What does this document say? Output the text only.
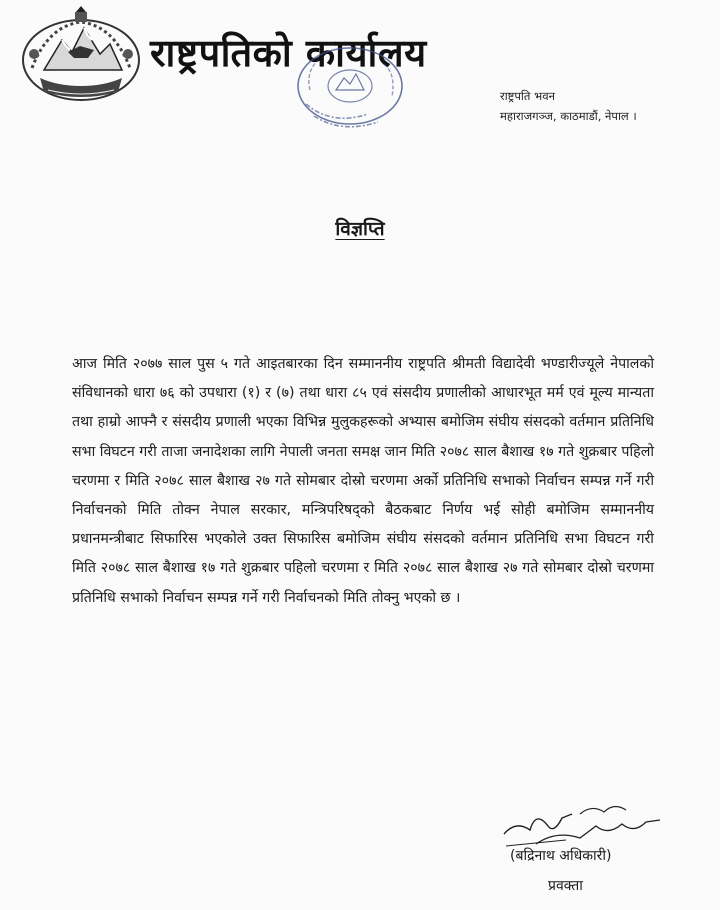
राष्ट्रपतिको कार्यालय
राष्ट्रपति भवन
महाराजगञ्ज, काठमाडौं, नेपाल ।
विज्ञप्ति
आज मिति २०७७ साल पुस ५ गते आइतबारका दिन सम्माननीय राष्ट्रपति श्रीमती विद्यादेवी भण्डारीज्यूले नेपालको संविधानको धारा ७६ को उपधारा (१) र (७) तथा धारा ८५ एवं संसदीय प्रणालीको आधारभूत मर्म एवं मूल्य मान्यता तथा हाम्रो आफ्नै र संसदीय प्रणाली भएका विभिन्न मुलुकहरूको अभ्यास बमोजिम संघीय संसदको वर्तमान प्रतिनिधि सभा विघटन गरी ताजा जनादेशका लागि नेपाली जनता समक्ष जान मिति २०७८ साल बैशाख १७ गते शुक्रबार पहिलो चरणमा र मिति २०७८ साल बैशाख २७ गते सोमबार दोस्रो चरणमा अर्को प्रतिनिधि सभाको निर्वाचन सम्पन्न गर्ने गरी निर्वाचनको मिति तोक्न नेपाल सरकार, मन्त्रिपरिषद्को बैठकबाट निर्णय भई सोही बमोजिम सम्माननीय प्रधानमन्त्रीबाट सिफारिस भएकोले उक्त सिफारिस बमोजिम संघीय संसदको वर्तमान प्रतिनिधि सभा विघटन गरी मिति २०७८ साल बैशाख १७ गते शुक्रबार पहिलो चरणमा र मिति २०७८ साल बैशाख २७ गते सोमबार दोस्रो चरणमा प्रतिनिधि सभाको निर्वाचन सम्पन्न गर्ने गरी निर्वाचनको मिति तोक्नु भएको छ ।
(बद्रिनाथ अधिकारी)
प्रवक्ता
